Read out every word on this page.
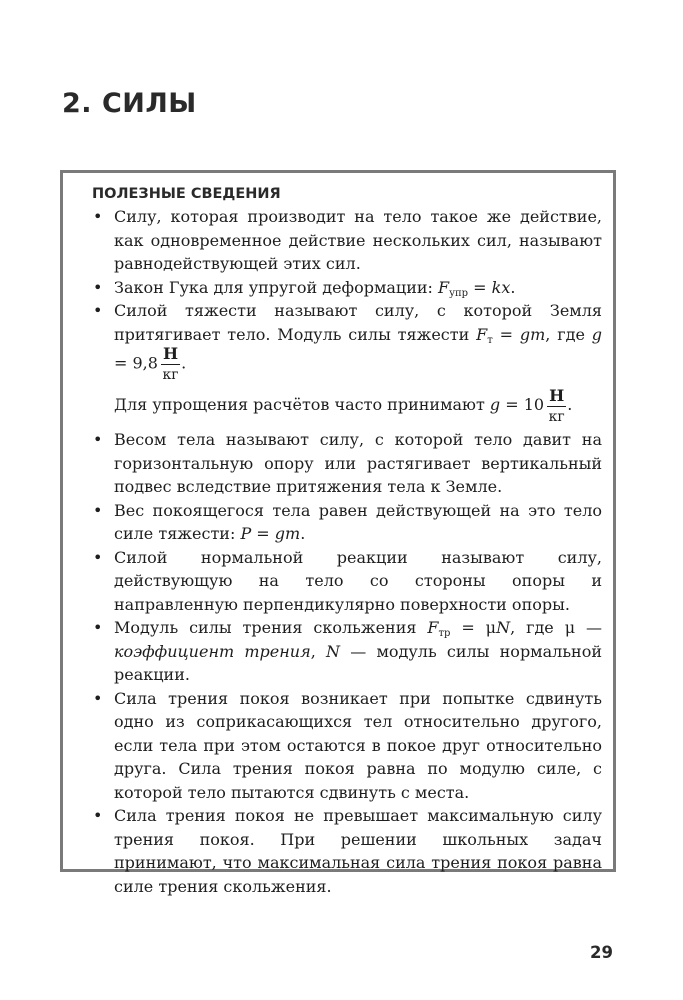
2. СИЛЫ
ПОЛЕЗНЫЕ СВЕДЕНИЯ
• Силу, которая производит на тело такое же действие, как одновременное действие нескольких сил, называют равнодействующей этих сил.
• Закон Гука для упругой деформации: $F_{упр}$ = kx.
• Силой тяжести называют силу, с которой Земля притягивает тело. Модуль силы тяжести $F_т$ = gm, где $g = 9,8 \frac{Н}{кг}$ .
Для упрощения расчётов часто принимают $g = 10 \frac{Н}{кг}$ .
• Весом тела называют силу, с которой тело давит на горизонтальную опору или растягивает вертикальный подвес вследствие притяжения тела к Земле.
• Вес покоящегося тела равен действующей на это тело силе тяжести: P = gm.
• Силой нормальной реакции называют силу, действующую на тело со стороны опоры и направленную перпендикулярно поверхности опоры.
• Модуль силы трения скольжения $F_{тр} = \mu N$, где μ — коэффициент трения, N — модуль силы нормальной реакции.
• Сила трения покоя возникает при попытке сдвинуть одно из соприкасающихся тел относительно другого, если тела при этом остаются в покое друг относительно друга. Сила трения покоя равна по модулю силе, с которой тело пытаются сдвинуть с места.
• Сила трения покоя не превышает максимальную силу трения покоя. При решении школьных задач принимают, что максимальная сила трения покоя равна силе трения скольжения.
29
